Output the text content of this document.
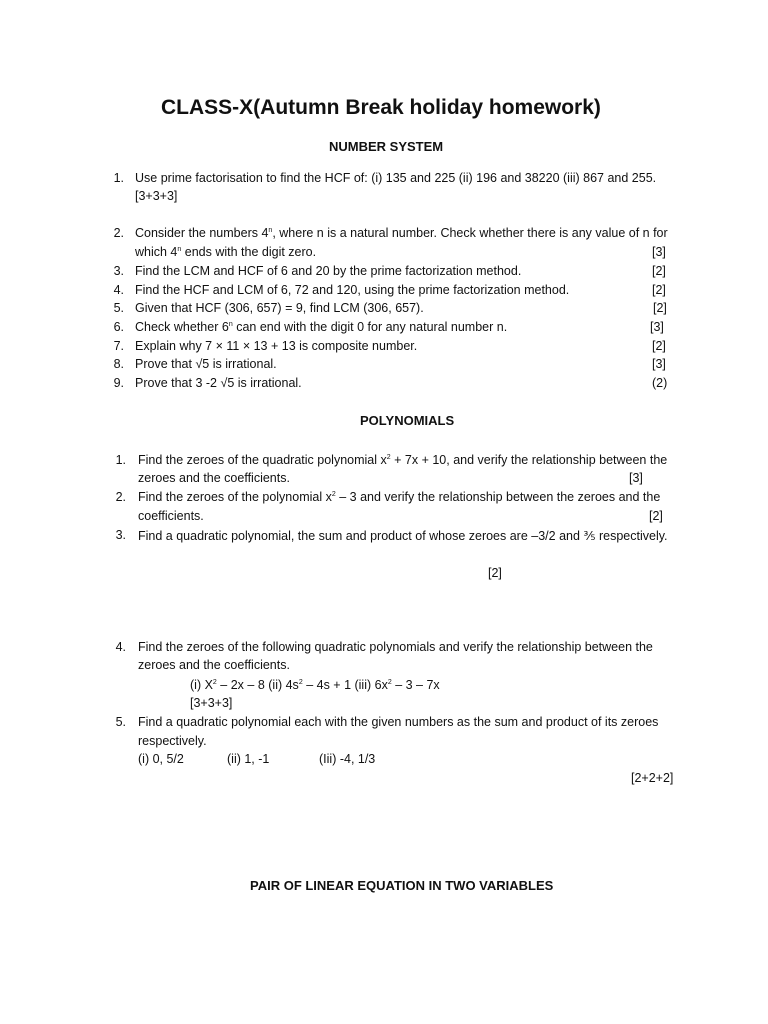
CLASS-X(Autumn Break holiday homework)
NUMBER SYSTEM
1. Use prime factorisation to find the HCF of: (i) 135 and 225 (ii) 196 and 38220 (iii) 867 and 255.
[3+3+3]
2. Consider the numbers 4$^n$, where n is a natural number. Check whether there is any value of n for
which 4$^n$ ends with the digit zero.	[3]
3. Find the LCM and HCF of 6 and 20 by the prime factorization method.	[2]
4. Find the HCF and LCM of 6, 72 and 120, using the prime factorization method.	[2]
5. Given that HCF (306, 657) = 9, find LCM (306, 657).	[2]
6. Check whether 6$^n$ can end with the digit 0 for any natural number n.	[3]
7. Explain why 7 × 11 × 13 + 13 is composite number.	[2]
8. Prove that √5 is irrational.	[3]
9. Prove that 3 -2 √5 is irrational.	(2)
POLYNOMIALS
1. Find the zeroes of the quadratic polynomial $x^2 + 7x + 10$, and verify the relationship between the
zeroes and the coefficients.	[3]
2. Find the zeroes of the polynomial $x^2 - 3$ and verify the relationship between the zeroes and the
coefficients.	[2]
3. Find a quadratic polynomial, the sum and product of whose zeroes are –3/2 and ⅗ respectively.
[2]
4. Find the zeroes of the following quadratic polynomials and verify the relationship between the
zeroes and the coefficients.
(i) $X^2 - 2x - 8$ (ii) $4s^2 - 4s + 1$ (iii) $6x^2 - 3 - 7x$
[3+3+3]
5. Find a quadratic polynomial each with the given numbers as the sum and product of its zeroes
respectively.
(i) 0, 5/2	(ii) 1, -1	(Iii) -4, 1/3
[2+2+2]
PAIR OF LINEAR EQUATION IN TWO VARIABLES
